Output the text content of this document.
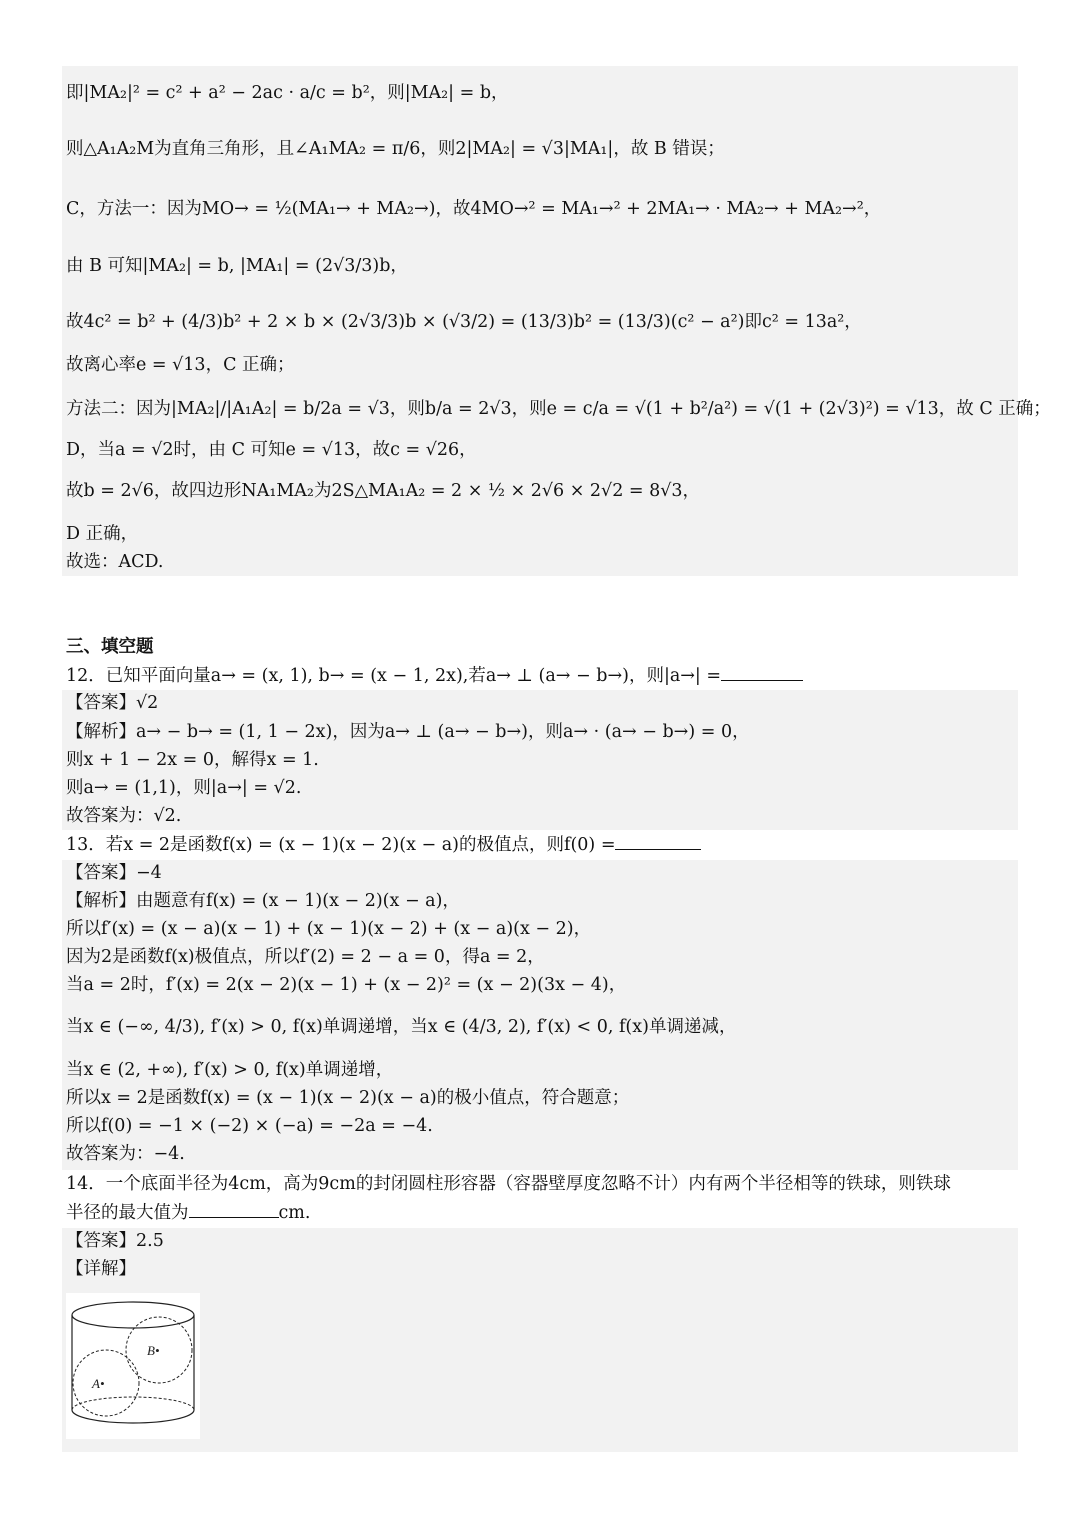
即|MA₂|² = c² + a² − 2ac · a/c = b²，则|MA₂| = b，
则△A₁A₂M为直角三角形，且∠A₁MA₂ = π/6，则2|MA₂| = √3|MA₁|，故 B 错误；
C，方法一：因为MO→ = ½(MA₁→ + MA₂→)，故4MO→² = MA₁→² + 2MA₁→ · MA₂→ + MA₂→²，
由 B 可知|MA₂| = b, |MA₁| = (2√3/3)b，
故4c² = b² + (4/3)b² + 2 × b × (2√3/3)b × (√3/2) = (13/3)b² = (13/3)(c² − a²)即c² = 13a²，
故离心率e = √13，C 正确；
方法二：因为|MA₂|/|A₁A₂| = b/2a = √3，则b/a = 2√3，则e = c/a = √(1 + b²/a²) = √(1 + (2√3)²) = √13，故 C 正确；
D，当a = √2时，由 C 可知e = √13，故c = √26，
故b = 2√6，故四边形NA₁MA₂为2S△MA₁A₂ = 2 × ½ × 2√6 × 2√2 = 8√3，
D 正确，
故选：ACD.
三、填空题
12．已知平面向量a→ = (x, 1), b→ = (x − 1, 2x),若a→ ⊥ (a→ − b→)，则|a→| =
【答案】√2
【解析】a→ − b→ = (1, 1 − 2x)，因为a→ ⊥ (a→ − b→)，则a→ · (a→ − b→) = 0，
则x + 1 − 2x = 0，解得x = 1.
则a→ = (1,1)，则|a→| = √2.
故答案为：√2.
13．若x = 2是函数f(x) = (x − 1)(x − 2)(x − a)的极值点，则f(0) =
【答案】−4
【解析】由题意有f(x) = (x − 1)(x − 2)(x − a)，
所以f′(x) = (x − a)(x − 1) + (x − 1)(x − 2) + (x − a)(x − 2)，
因为2是函数f(x)极值点，所以f′(2) = 2 − a = 0，得a = 2，
当a = 2时，f′(x) = 2(x − 2)(x − 1) + (x − 2)² = (x − 2)(3x − 4)，
当x ∈ (−∞, 4/3), f′(x) > 0, f(x)单调递增，当x ∈ (4/3, 2), f′(x) < 0, f(x)单调递减，
当x ∈ (2, +∞), f′(x) > 0, f(x)单调递增，
所以x = 2是函数f(x) = (x − 1)(x − 2)(x − a)的极小值点，符合题意；
所以f(0) = −1 × (−2) × (−a) = −2a = −4.
故答案为：−4.
14．一个底面半径为4cm，高为9cm的封闭圆柱形容器（容器壁厚度忽略不计）内有两个半径相等的铁球，则铁球
半径的最大值为	cm.
【答案】2.5
【详解】
A•
B•
